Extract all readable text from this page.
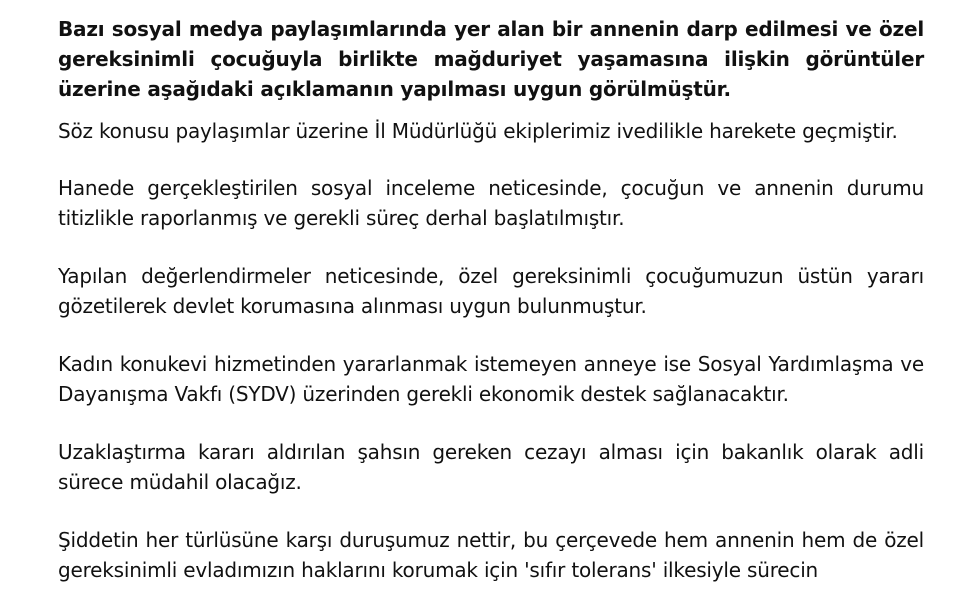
Bazı sosyal medya paylaşımlarında yer alan bir annenin darp edilmesi ve özel gereksinimli çocuğuyla birlikte mağduriyet yaşamasına ilişkin görüntüler üzerine aşağıdaki açıklamanın yapılması uygun görülmüştür.

Söz konusu paylaşımlar üzerine İl Müdürlüğü ekiplerimiz ivedilikle harekete geçmiştir.

Hanede gerçekleştirilen sosyal inceleme neticesinde, çocuğun ve annenin durumu titizlikle raporlanmış ve gerekli süreç derhal başlatılmıştır.

Yapılan değerlendirmeler neticesinde, özel gereksinimli çocuğumuzun üstün yararı gözetilerek devlet korumasına alınması uygun bulunmuştur.

Kadın konukevi hizmetinden yararlanmak istemeyen anneye ise Sosyal Yardımlaşma ve Dayanışma Vakfı (SYDV) üzerinden gerekli ekonomik destek sağlanacaktır.

Uzaklaştırma kararı aldırılan şahsın gereken cezayı alması için bakanlık olarak adli sürece müdahil olacağız.

Şiddetin her türlüsüne karşı duruşumuz nettir, bu çerçevede hem annenin hem de özel gereksinimli evladımızın haklarını korumak için 'sıfır tolerans' ilkesiyle sürecin
